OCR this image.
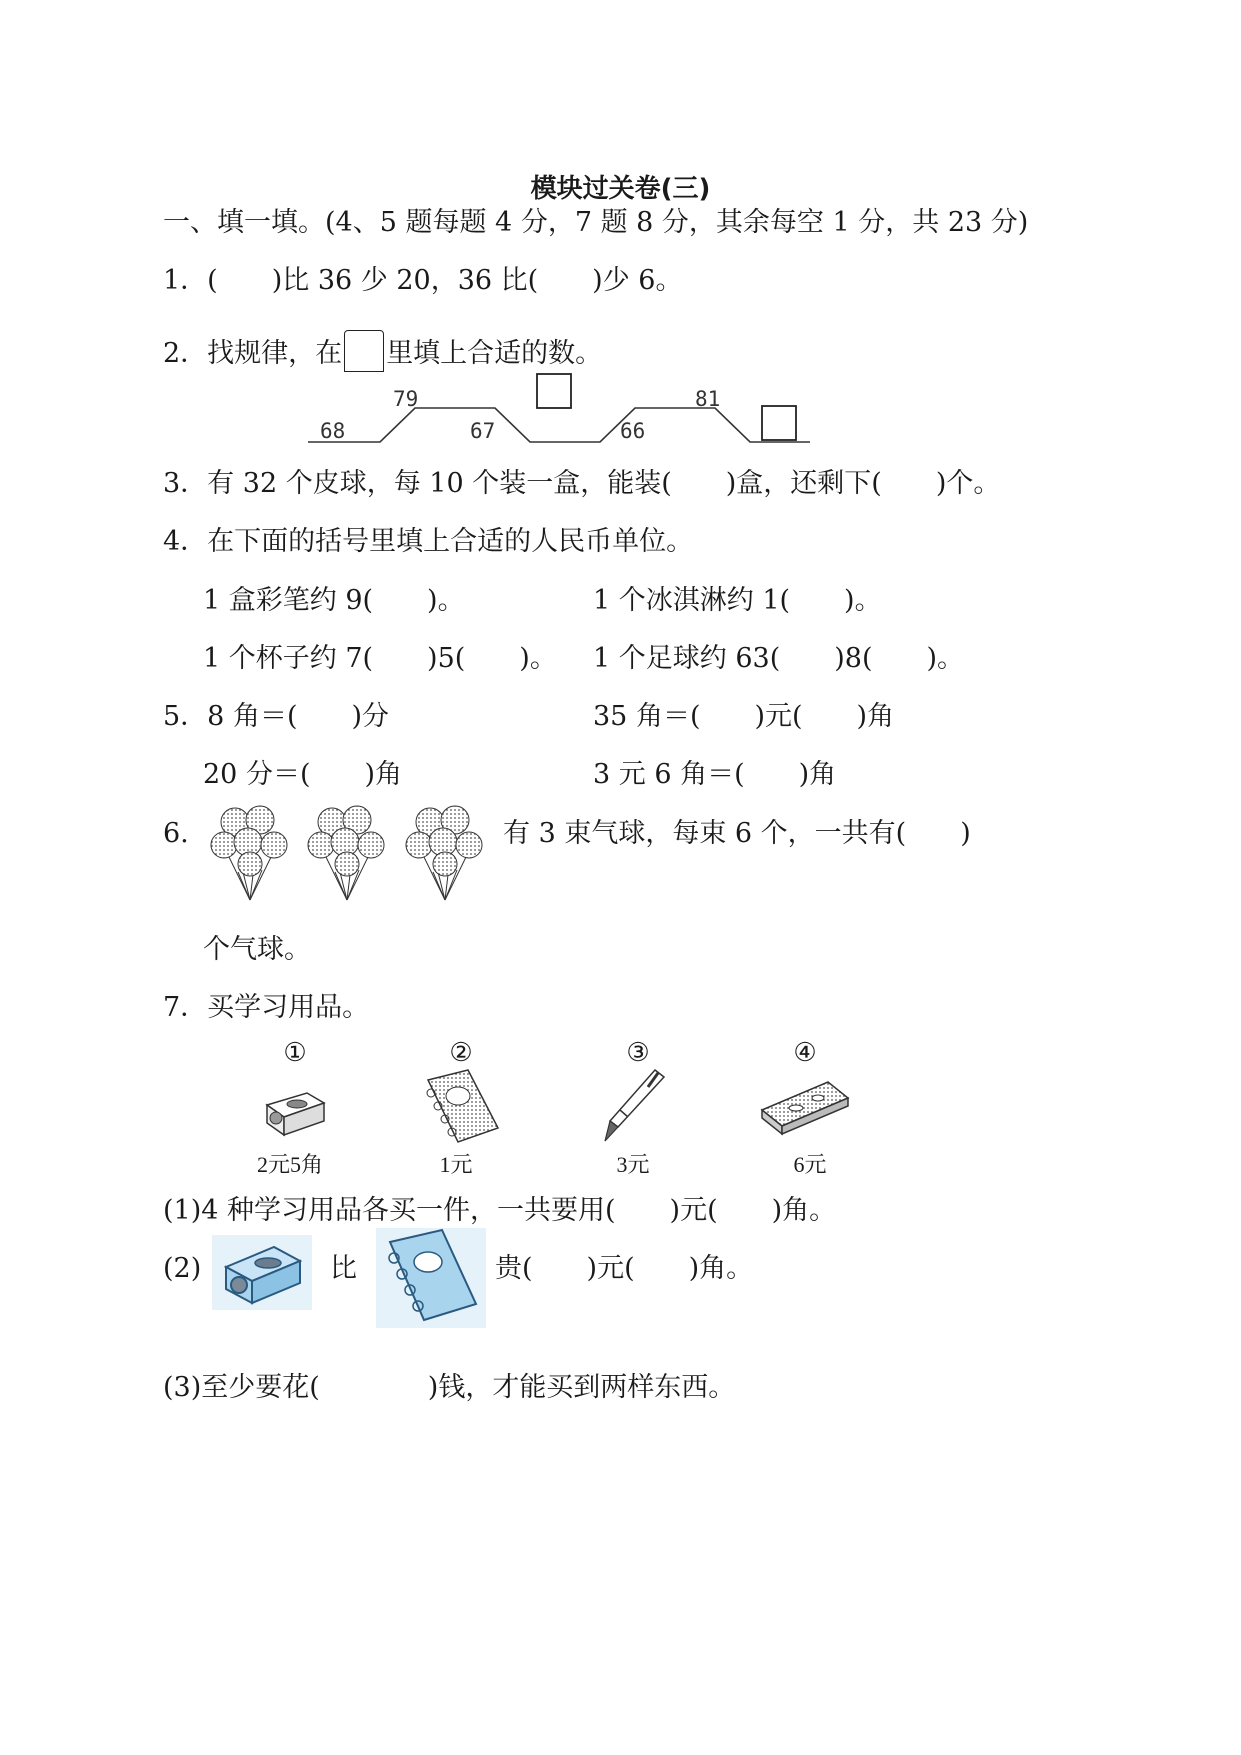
模块过关卷(三)
一、填一填。(4、5 题每题 4 分，7 题 8 分，其余每空 1 分，共 23 分)
1．(　　)比 36 少 20，36 比(　　)少 6。
2．找规律，在 里填上合适的数。
68
79
67	66
81
3．有 32 个皮球，每 10 个装一盒，能装(　　)盒，还剩下(　　)个。
4．在下面的括号里填上合适的人民币单位。
1 盒彩笔约 9(　　)。	1 个冰淇淋约 1(　　)。
1 个杯子约 7(　　)5(　　)。 1 个足球约 63(　　)8(　　)。
5．8 角＝(　　)分	35 角＝(　　)元(　　)角
20 分＝(　　)角	3 元 6 角＝(　　)角
6.	有 3 束气球，每束 6 个，一共有(　　)
个气球。
7．买学习用品。
①	②	③	④
2元5角	1元	3元	6元
(1)4 种学习用品各买一件，一共要用(　　)元(　　)角。
(2)	比	贵(　　)元(　　)角。
(3)至少要花(　　　　)钱，才能买到两样东西。
